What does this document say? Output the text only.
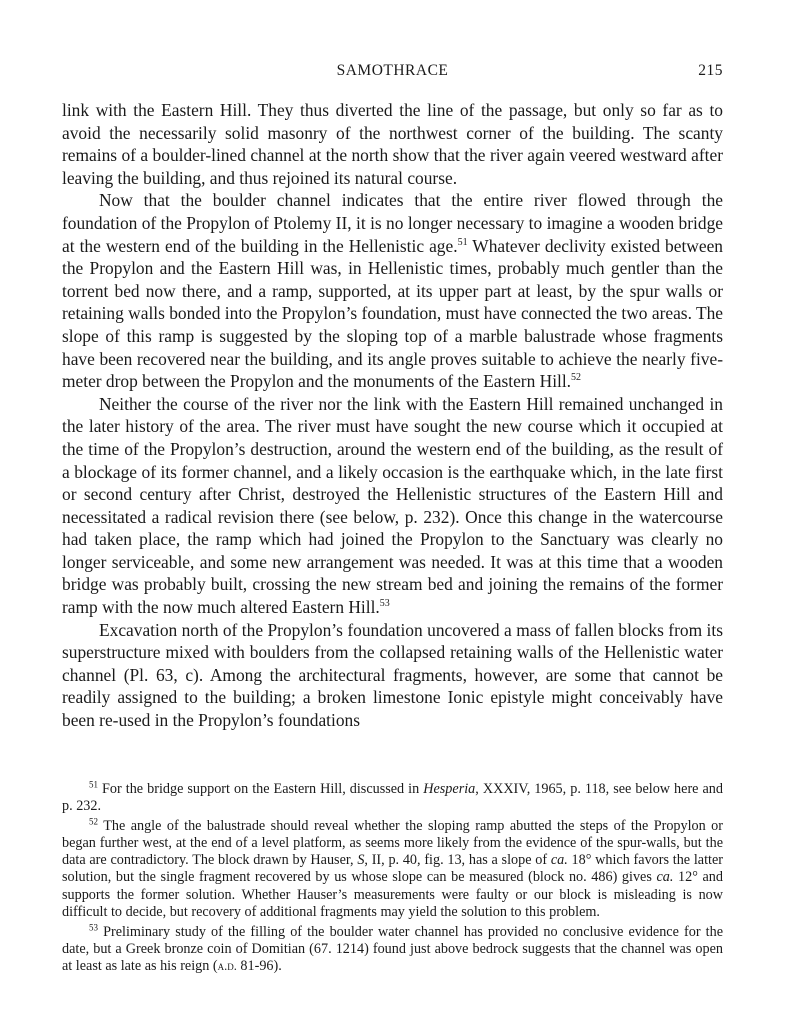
SAMOTHRACE	215

link with the Eastern Hill. They thus diverted the line of the passage, but only so far as to avoid the necessarily solid masonry of the northwest corner of the building. The scanty remains of a boulder-lined channel at the north show that the river again veered westward after leaving the building, and thus rejoined its natural course.

Now that the boulder channel indicates that the entire river flowed through the foundation of the Propylon of Ptolemy II, it is no longer necessary to imagine a wooden bridge at the western end of the building in the Hellenistic age.$^{51}$ Whatever declivity existed between the Propylon and the Eastern Hill was, in Hellenistic times, probably much gentler than the torrent bed now there, and a ramp, supported, at its upper part at least, by the spur walls or retaining walls bonded into the Propylon’s foundation, must have connected the two areas. The slope of this ramp is suggested by the sloping top of a marble balustrade whose fragments have been recovered near the building, and its angle proves suitable to achieve the nearly five-meter drop between the Propylon and the monuments of the Eastern Hill.$^{52}$

Neither the course of the river nor the link with the Eastern Hill remained unchanged in the later history of the area. The river must have sought the new course which it occupied at the time of the Propylon’s destruction, around the western end of the building, as the result of a blockage of its former channel, and a likely occasion is the earthquake which, in the late first or second century after Christ, destroyed the Hellenistic structures of the Eastern Hill and necessitated a radical revision there (see below, p. 232). Once this change in the watercourse had taken place, the ramp which had joined the Propylon to the Sanctuary was clearly no longer serviceable, and some new arrangement was needed. It was at this time that a wooden bridge was probably built, crossing the new stream bed and joining the remains of the former ramp with the now much altered Eastern Hill.$^{53}$

Excavation north of the Propylon’s foundation uncovered a mass of fallen blocks from its superstructure mixed with boulders from the collapsed retaining walls of the Hellenistic water channel (Pl. 63, c). Among the architectural fragments, however, are some that cannot be readily assigned to the building; a broken limestone Ionic epistyle might conceivably have been re-used in the Propylon’s foundations

$^{51}$ For the bridge support on the Eastern Hill, discussed in Hesperia, XXXIV, 1965, p. 118, see below here and p. 232.

$^{52}$ The angle of the balustrade should reveal whether the sloping ramp abutted the steps of the Propylon or began further west, at the end of a level platform, as seems more likely from the evidence of the spur-walls, but the data are contradictory. The block drawn by Hauser, S, II, p. 40, fig. 13, has a slope of ca. 18° which favors the latter solution, but the single fragment recovered by us whose slope can be measured (block no. 486) gives ca. 12° and supports the former solution. Whether Hauser’s measurements were faulty or our block is misleading is now difficult to decide, but recovery of additional fragments may yield the solution to this problem.

$^{53}$ Preliminary study of the filling of the boulder water channel has provided no conclusive evidence for the date, but a Greek bronze coin of Domitian (67. 1214) found just above bedrock suggests that the channel was open at least as late as his reign (a.d. 81-96).
